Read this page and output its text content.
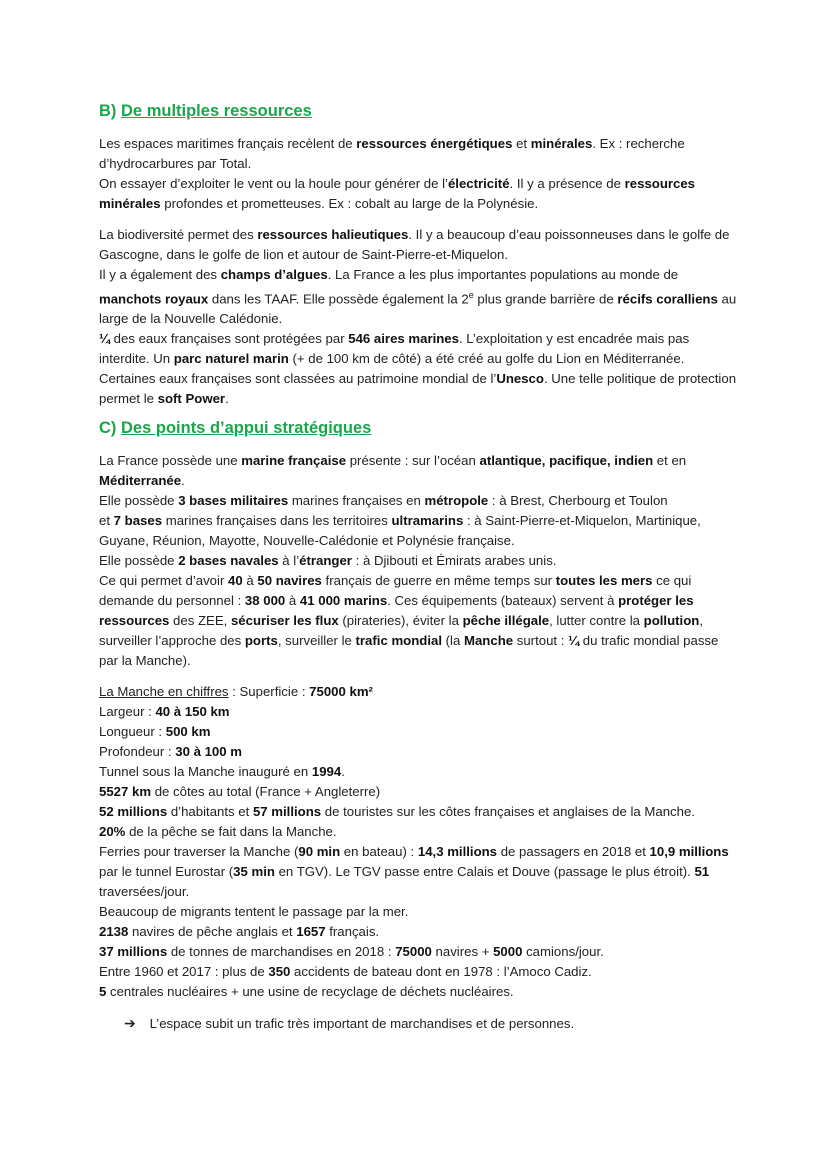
B) De multiples ressources

Les espaces maritimes français recèlent de ressources énergétiques et minérales. Ex : recherche d’hydrocarbures par Total.

On essayer d’exploiter le vent ou la houle pour générer de l’électricité. Il y a présence de ressources minérales profondes et prometteuses. Ex : cobalt au large de la Polynésie.

La biodiversité permet des ressources halieutiques. Il y a beaucoup d’eau poissonneuses dans le golfe de Gascogne, dans le golfe de lion et autour de Saint-Pierre-et-Miquelon.

Il y a également des champs d’algues. La France a les plus importantes populations au monde de manchots royaux dans les TAAF. Elle possède également la 2e plus grande barrière de récifs coralliens au large de la Nouvelle Calédonie.

¼ des eaux françaises sont protégées par 546 aires marines. L’exploitation y est encadrée mais pas interdite. Un parc naturel marin (+ de 100 km de côté) a été créé au golfe du Lion en Méditerranée. Certaines eaux françaises sont classées au patrimoine mondial de l’Unesco. Une telle politique de protection permet le soft Power.

C) Des points d’appui stratégiques

La France possède une marine française présente : sur l’océan atlantique, pacifique, indien et en Méditerranée.

Elle possède 3 bases militaires marines françaises en métropole : à Brest, Cherbourg et Toulon

et 7 bases marines françaises dans les territoires ultramarins : à Saint-Pierre-et-Miquelon, Martinique, Guyane, Réunion, Mayotte, Nouvelle-Calédonie et Polynésie française.

Elle possède 2 bases navales à l’étranger : à Djibouti et Émirats arabes unis.

Ce qui permet d’avoir 40 à 50 navires français de guerre en même temps sur toutes les mers ce qui demande du personnel : 38 000 à 41 000 marins. Ces équipements (bateaux) servent à protéger les ressources des ZEE, sécuriser les flux (pirateries), éviter la pêche illégale, lutter contre la pollution, surveiller l’approche des ports, surveiller le trafic mondial (la Manche surtout : ¼ du trafic mondial passe par la Manche).

La Manche en chiffres : Superficie : 75000 km²

Largeur : 40 à 150 km

Longueur : 500 km

Profondeur : 30 à 100 m

Tunnel sous la Manche inauguré en 1994.

5527 km de côtes au total (France + Angleterre)

52 millions d’habitants et 57 millions de touristes sur les côtes françaises et anglaises de la Manche.

20% de la pêche se fait dans la Manche.

Ferries pour traverser la Manche (90 min en bateau) : 14,3 millions de passagers en 2018 et 10,9 millions par le tunnel Eurostar (35 min en TGV). Le TGV passe entre Calais et Douve (passage le plus étroit). 51 traversées/jour.

Beaucoup de migrants tentent le passage par la mer.

2138 navires de pêche anglais et 1657 français.

37 millions de tonnes de marchandises en 2018 : 75000 navires + 5000 camions/jour.

Entre 1960 et 2017 : plus de 350 accidents de bateau dont en 1978 : l’Amoco Cadiz.

5 centrales nucléaires + une usine de recyclage de déchets nucléaires.

➔ L’espace subit un trafic très important de marchandises et de personnes.
